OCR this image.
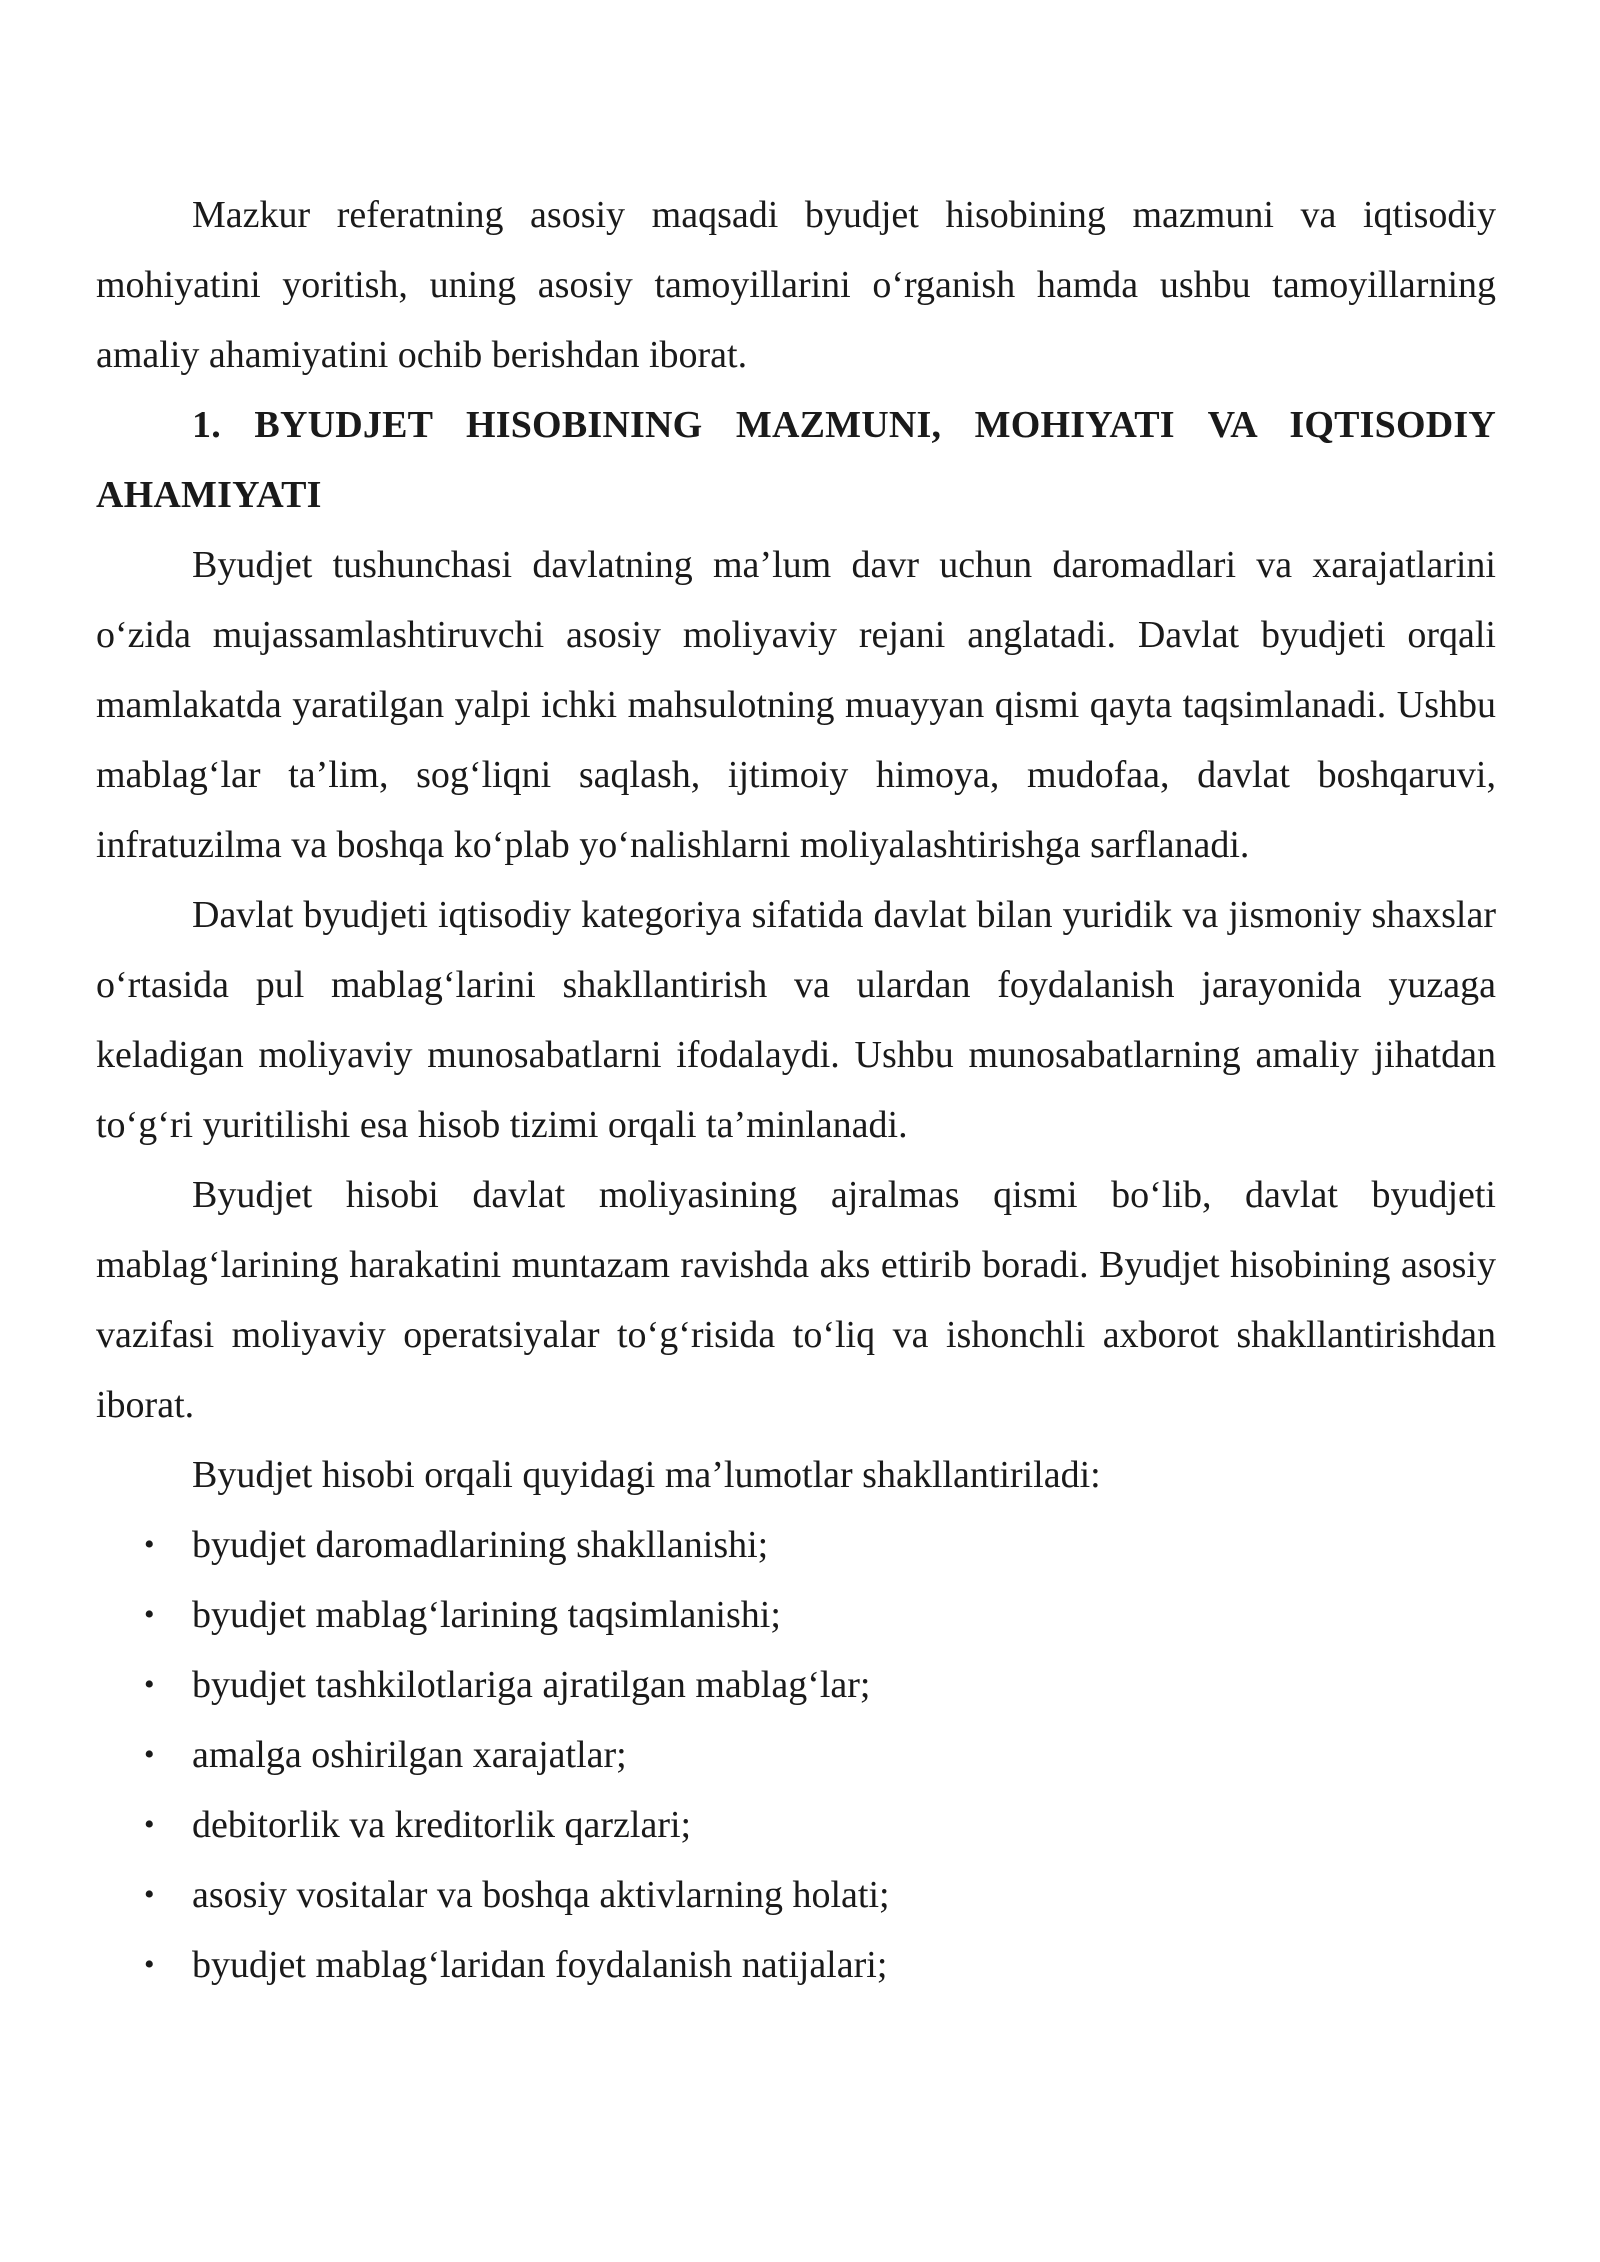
Mazkur referatning asosiy maqsadi byudjet hisobining mazmuni va iqtisodiy mohiyatini yoritish, uning asosiy tamoyillarini o‘rganish hamda ushbu tamoyillarning amaliy ahamiyatini ochib berishdan iborat.

1. BYUDJET HISOBINING MAZMUNI, MOHIYATI VA IQTISODIY AHAMIYATI

Byudjet tushunchasi davlatning ma’lum davr uchun daromadlari va xarajatlarini o‘zida mujassamlashtiruvchi asosiy moliyaviy rejani anglatadi. Davlat byudjeti orqali mamlakatda yaratilgan yalpi ichki mahsulotning muayyan qismi qayta taqsimlanadi. Ushbu mablag‘lar ta’lim, sog‘liqni saqlash, ijtimoiy himoya, mudofaa, davlat boshqaruvi, infratuzilma va boshqa ko‘plab yo‘nalishlarni moliyalashtirishga sarflanadi.

Davlat byudjeti iqtisodiy kategoriya sifatida davlat bilan yuridik va jismoniy shaxslar o‘rtasida pul mablag‘larini shakllantirish va ulardan foydalanish jarayonida yuzaga keladigan moliyaviy munosabatlarni ifodalaydi. Ushbu munosabatlarning amaliy jihatdan to‘g‘ri yuritilishi esa hisob tizimi orqali ta’minlanadi.

Byudjet hisobi davlat moliyasining ajralmas qismi bo‘lib, davlat byudjeti mablag‘larining harakatini muntazam ravishda aks ettirib boradi. Byudjet hisobining asosiy vazifasi moliyaviy operatsiyalar to‘g‘risida to‘liq va ishonchli axborot shakllantirishdan iborat.

Byudjet hisobi orqali quyidagi ma’lumotlar shakllantiriladi:

• byudjet daromadlarining shakllanishi;
• byudjet mablag‘larining taqsimlanishi;
• byudjet tashkilotlariga ajratilgan mablag‘lar;
• amalga oshirilgan xarajatlar;
• debitorlik va kreditorlik qarzlari;
• asosiy vositalar va boshqa aktivlarning holati;
• byudjet mablag‘laridan foydalanish natijalari;
